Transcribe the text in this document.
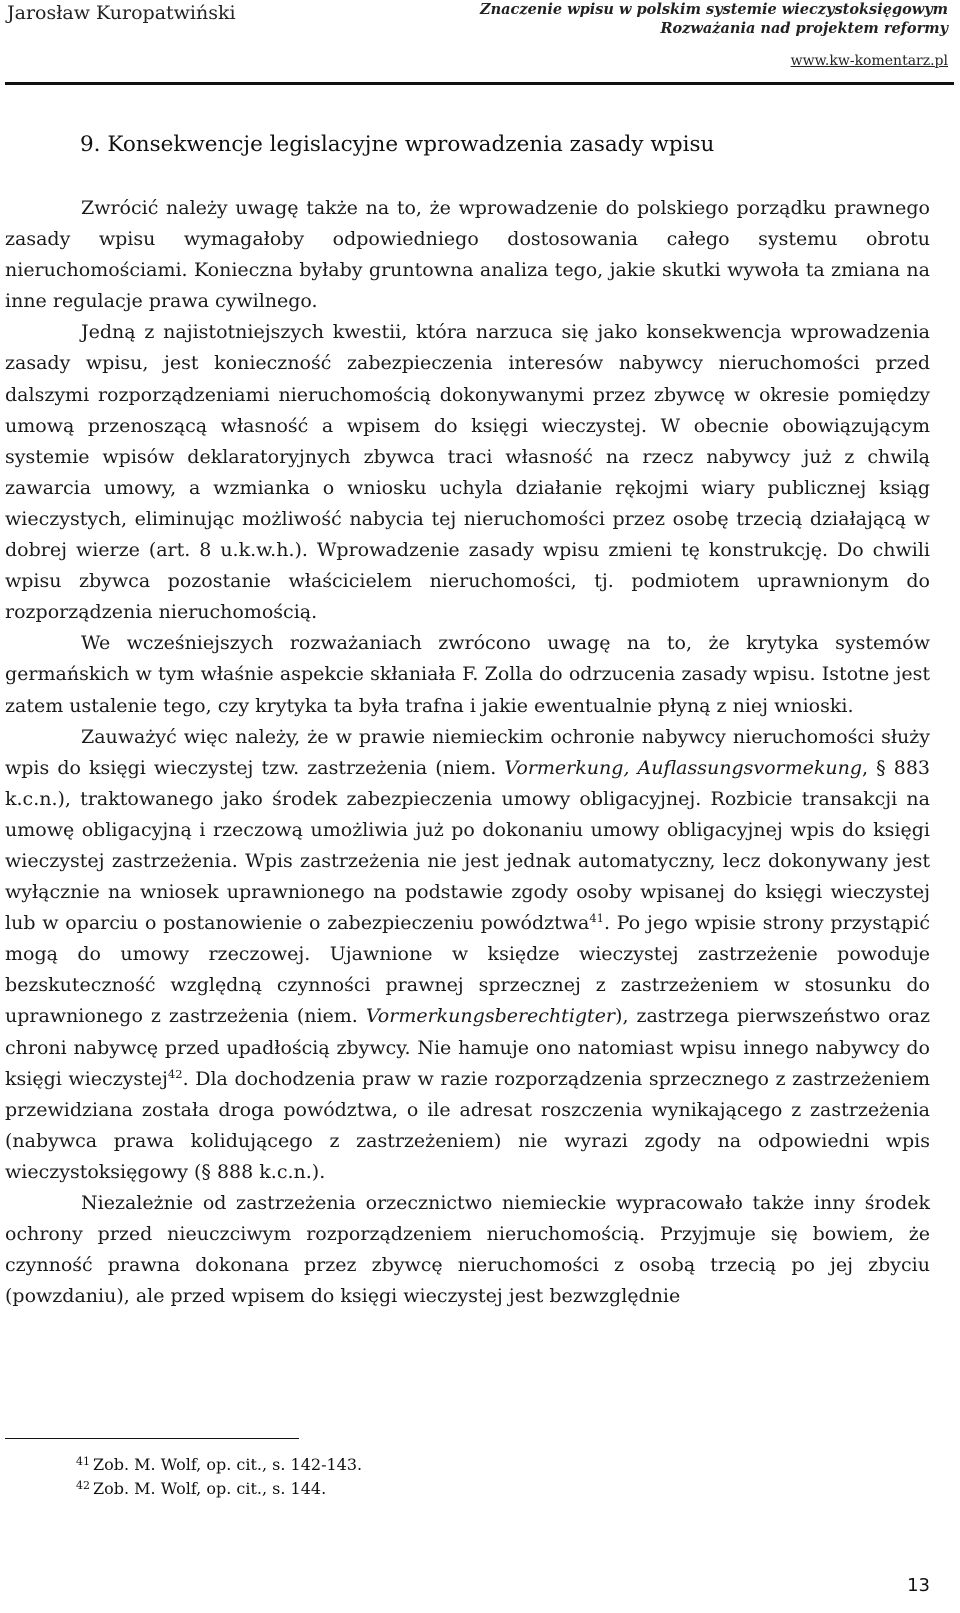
Jarosław Kuropatwiński	Znaczenie wpisu w polskim systemie wieczystoksięgowym
Rozważania nad projektem reformy
www.kw-komentarz.pl
9. Konsekwencje legislacyjne wprowadzenia zasady wpisu

Zwrócić należy uwagę także na to, że wprowadzenie do polskiego porządku prawnego zasady wpisu wymagałoby odpowiedniego dostosowania całego systemu obrotu nieruchomościami. Konieczna byłaby gruntowna analiza tego, jakie skutki wywoła ta zmiana na inne regulacje prawa cywilnego.

Jedną z najistotniejszych kwestii, która narzuca się jako konsekwencja wprowadzenia zasady wpisu, jest konieczność zabezpieczenia interesów nabywcy nieruchomości przed dalszymi rozporządzeniami nieruchomością dokonywanymi przez zbywcę w okresie pomiędzy umową przenoszącą własność a wpisem do księgi wieczystej. W obecnie obowiązującym systemie wpisów deklaratoryjnych zbywca traci własność na rzecz nabywcy już z chwilą zawarcia umowy, a wzmianka o wniosku uchyla działanie rękojmi wiary publicznej ksiąg wieczystych, eliminując możliwość nabycia tej nieruchomości przez osobę trzecią działającą w dobrej wierze (art. 8 u.k.w.h.). Wprowadzenie zasady wpisu zmieni tę konstrukcję. Do chwili wpisu zbywca pozostanie właścicielem nieruchomości, tj. podmiotem uprawnionym do rozporządzenia nieruchomością.

We wcześniejszych rozważaniach zwrócono uwagę na to, że krytyka systemów germańskich w tym właśnie aspekcie skłaniała F. Zolla do odrzucenia zasady wpisu. Istotne jest zatem ustalenie tego, czy krytyka ta była trafna i jakie ewentualnie płyną z niej wnioski.

Zauważyć więc należy, że w prawie niemieckim ochronie nabywcy nieruchomości służy wpis do księgi wieczystej tzw. zastrzeżenia (niem. Vormerkung, Auflassungsvormekung, § 883 k.c.n.), traktowanego jako środek zabezpieczenia umowy obligacyjnej. Rozbicie transakcji na umowę obligacyjną i rzeczową umożliwia już po dokonaniu umowy obligacyjnej wpis do księgi wieczystej zastrzeżenia. Wpis zastrzeżenia nie jest jednak automatyczny, lecz dokonywany jest wyłącznie na wniosek uprawnionego na podstawie zgody osoby wpisanej do księgi wieczystej lub w oparciu o postanowienie o zabezpieczeniu powództwa$^{41}$. Po jego wpisie strony przystąpić mogą do umowy rzeczowej. Ujawnione w księdze wieczystej zastrzeżenie powoduje bezskuteczność względną czynności prawnej sprzecznej z zastrzeżeniem w stosunku do uprawnionego z zastrzeżenia (niem. Vormerkungsberechtigter), zastrzega pierwszeństwo oraz chroni nabywcę przed upadłością zbywcy. Nie hamuje ono natomiast wpisu innego nabywcy do księgi wieczystej$^{42}$. Dla dochodzenia praw w razie rozporządzenia sprzecznego z zastrzeżeniem przewidziana została droga powództwa, o ile adresat roszczenia wynikającego z zastrzeżenia (nabywca prawa kolidującego z zastrzeżeniem) nie wyrazi zgody na odpowiedni wpis wieczystoksięgowy (§ 888 k.c.n.).

Niezależnie od zastrzeżenia orzecznictwo niemieckie wypracowało także inny środek ochrony przed nieuczciwym rozporządzeniem nieruchomością. Przyjmuje się bowiem, że czynność prawna dokonana przez zbywcę nieruchomości z osobą trzecią po jej zbyciu (powzdaniu), ale przed wpisem do księgi wieczystej jest bezwzględnie

$^{41}$ Zob. M. Wolf, op. cit., s. 142-143.
$^{42}$ Zob. M. Wolf, op. cit., s. 144.
13
